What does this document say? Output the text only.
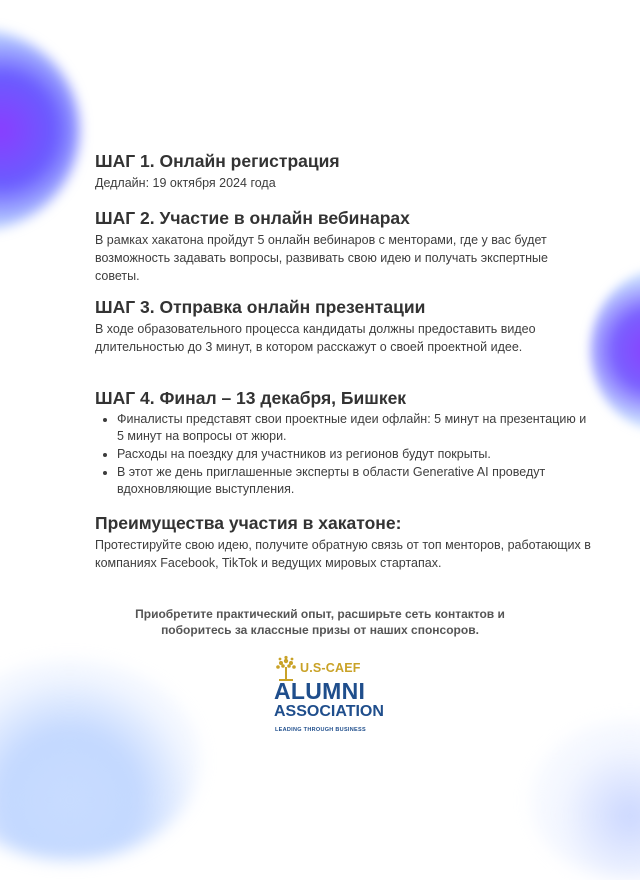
ШАГ 1. Онлайн регистрация

Дедлайн: 19 октября 2024 года

ШАГ 2. Участие в онлайн вебинарах

В рамках хакатона пройдут 5 онлайн вебинаров с менторами, где у вас будет возможность задавать вопросы, развивать свою идею и получать экспертные советы.

ШАГ 3. Отправка онлайн презентации

В ходе образовательного процесса кандидаты должны предоставить видео длительностью до 3 минут, в котором расскажут о своей проектной идее.

ШАГ 4. Финал – 13 декабря, Бишкек
• Финалисты представят свои проектные идеи офлайн: 5 минут на презентацию и 5 минут на вопросы от жюри.
• Расходы на поездку для участников из регионов будут покрыты.
• В этот же день приглашенные эксперты в области Generative AI проведут вдохновляющие выступления.
Преимущества участия в хакатоне:

Протестируйте свою идею, получите обратную связь от топ менторов, работающих в компаниях Facebook, TikTok и ведущих мировых стартапах.

Приобретите практический опыт, расширьте сеть контактов и
поборитесь за классные призы от наших спонсоров.
U.S-CAEF
ALUMNI
ASSOCIATION
LEADING THROUGH BUSINESS
